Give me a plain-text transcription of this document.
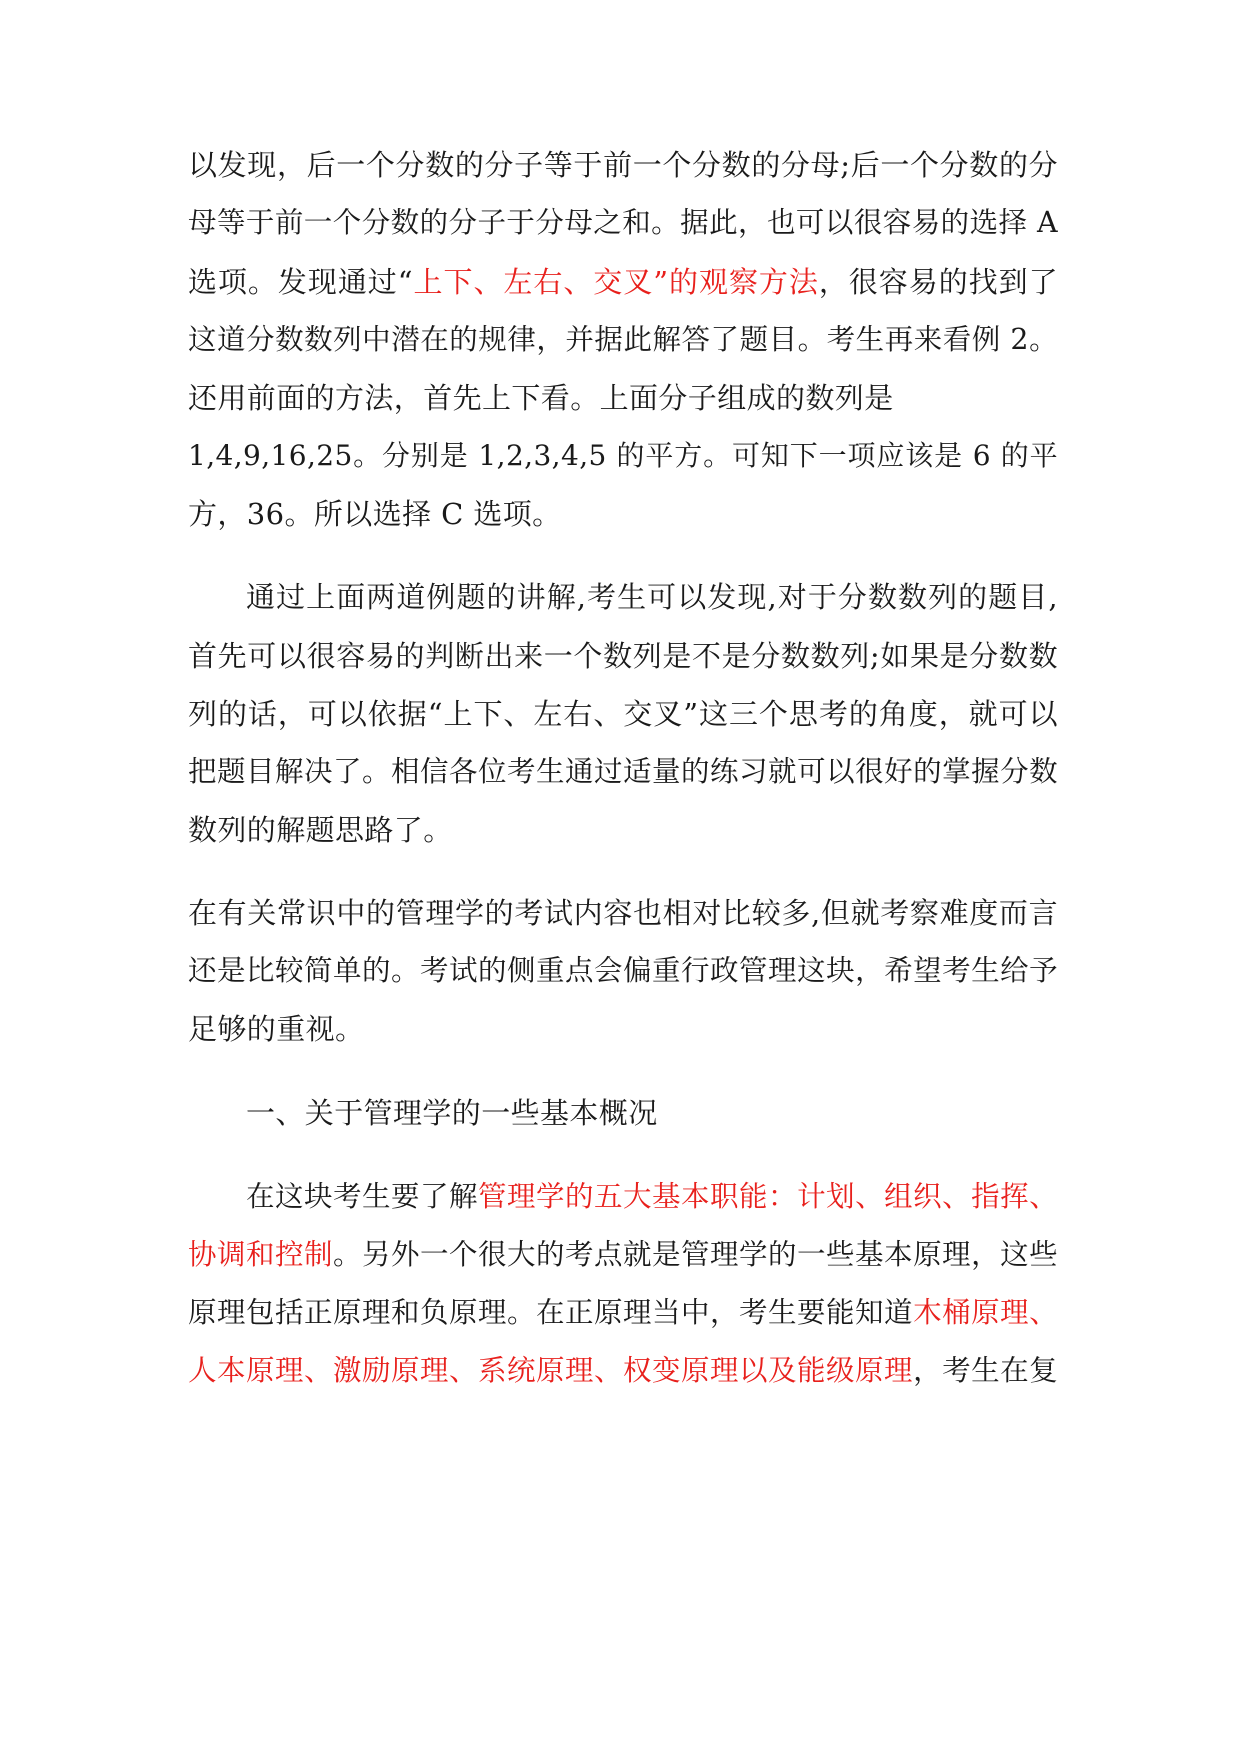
以发现，后一个分数的分子等于前一个分数的分母;后一个分数的分
母等于前一个分数的分子于分母之和。据此，也可以很容易的选择 A
选项。发现通过“上下、左右、交叉”的观察方法，很容易的找到了
这道分数数列中潜在的规律，并据此解答了题目。考生再来看例 2。
还用前面的方法，首先上下看。上面分子组成的数列是
1,4,9,16,25。分别是 1,2,3,4,5 的平方。可知下一项应该是 6 的平
方，36。所以选择 C 选项。
通过上面两道例题的讲解,考生可以发现,对于分数数列的题目,
首先可以很容易的判断出来一个数列是不是分数数列;如果是分数数
列的话，可以依据“上下、左右、交叉”这三个思考的角度，就可以
把题目解决了。相信各位考生通过适量的练习就可以很好的掌握分数
数列的解题思路了。
在有关常识中的管理学的考试内容也相对比较多,但就考察难度而言
还是比较简单的。考试的侧重点会偏重行政管理这块，希望考生给予
足够的重视。
一、关于管理学的一些基本概况
在这块考生要了解管理学的五大基本职能：计划、组织、指挥、
协调和控制。另外一个很大的考点就是管理学的一些基本原理，这些
原理包括正原理和负原理。在正原理当中，考生要能知道木桶原理、
人本原理、激励原理、系统原理、权变原理以及能级原理，考生在复
